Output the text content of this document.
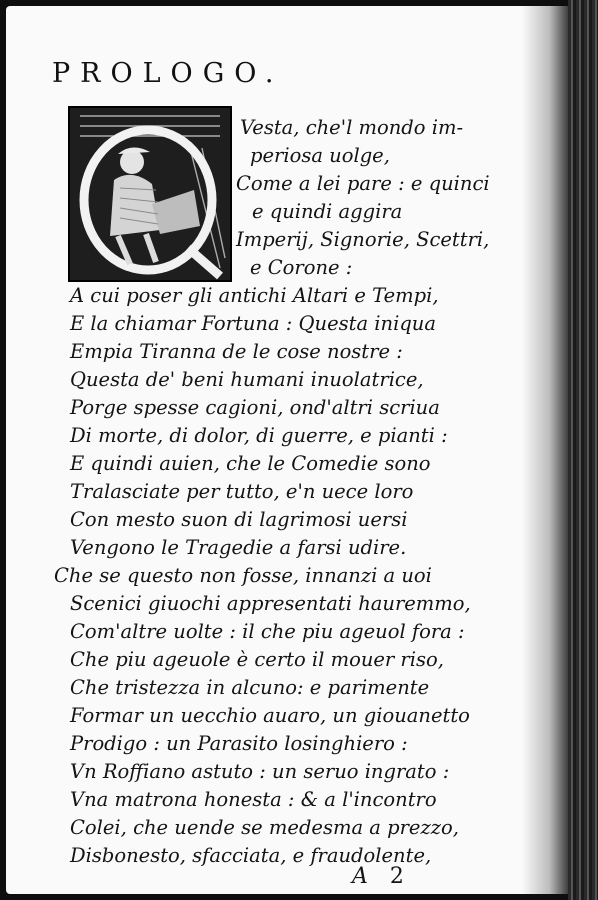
PROLOGO.
Vesta, che'l mondo im-
periosa uolge,
Come a lei pare : e quinci
e quindi aggira
Imperij, Signorie, Scettri,
e Corone :
A cui poser gli antichi Altari e Tempi,
E la chiamar Fortuna : Questa iniqua
Empia Tiranna de le cose nostre :
Questa de' beni humani inuolatrice,
Porge spesse cagioni, ond'altri scriua
Di morte, di dolor, di guerre, e pianti :
E quindi auien, che le Comedie sono
Tralasciate per tutto, e'n uece loro
Con mesto suon di lagrimosi uersi
Vengono le Tragedie a farsi udire.
Che se questo non fosse, innanzi a uoi
Scenici giuochi appresentati hauremmo,
Com'altre uolte : il che piu ageuol fora :
Che piu ageuole è certo il mouer riso,
Che tristezza in alcuno: e parimente
Formar un uecchio auaro, un giouanetto
Prodigo : un Parasito losinghiero :
Vn Roffiano astuto : un seruo ingrato :
Vna matrona honesta : & a l'incontro
Colei, che uende se medesma a prezzo,
Disbonesto, sfacciata, e fraudolente,
A 2
